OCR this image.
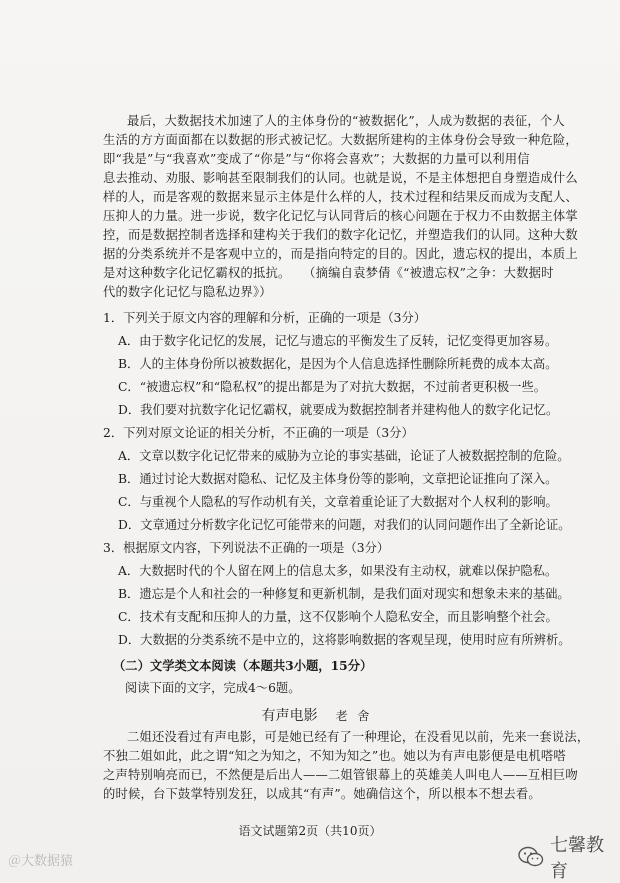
最后，大数据技术加速了人的主体身份的“被数据化”，人成为数据的表征，个人
生活的方方面面都在以数据的形式被记忆。大数据所建构的主体身份会导致一种危险，
即“我是”与“我喜欢”变成了“你是”与“你将会喜欢”；大数据的力量可以利用信
息去推动、劝服、影响甚至限制我们的认同。也就是说，不是主体想把自身塑造成什么
样的人，而是客观的数据来显示主体是什么样的人，技术过程和结果反而成为支配人、
压抑人的力量。进一步说，数字化记忆与认同背后的核心问题在于权力不由数据主体掌
控，而是数据控制者选择和建构关于我们的数字化记忆，并塑造我们的认同。这种大数
据的分类系统并不是客观中立的，而是指向特定的目的。因此，遗忘权的提出，本质上
是对这种数字化记忆霸权的抵抗。　　（摘编自袁梦倩《“被遗忘权”之争：大数据时
代的数字化记忆与隐私边界》）
1．下列关于原文内容的理解和分析，正确的一项是（3分）
A．由于数字化记忆的发展，记忆与遗忘的平衡发生了反转，记忆变得更加容易。
B．人的主体身份所以被数据化，是因为个人信息选择性删除所耗费的成本太高。
C．“被遗忘权”和“隐私权”的提出都是为了对抗大数据，不过前者更积极一些。
D．我们要对抗数字化记忆霸权，就要成为数据控制者并建构他人的数字化记忆。
2．下列对原文论证的相关分析，不正确的一项是（3分）
A．文章以数字化记忆带来的威胁为立论的事实基础，论证了人被数据控制的危险。
B．通过讨论大数据对隐私、记忆及主体身份等的影响，文章把论证推向了深入。
C．与重视个人隐私的写作动机有关，文章着重论证了大数据对个人权利的影响。
D．文章通过分析数字化记忆可能带来的问题，对我们的认同问题作出了全新论证。
3．根据原文内容，下列说法不正确的一项是（3分）
A．大数据时代的个人留在网上的信息太多，如果没有主动权，就难以保护隐私。
B．遗忘是个人和社会的一种修复和更新机制，是我们面对现实和想象未来的基础。
C．技术有支配和压抑人的力量，这不仅影响个人隐私安全，而且影响整个社会。
D．大数据的分类系统不是中立的，这将影响数据的客观呈现，使用时应有所辨析。
（二）文学类文本阅读（本题共3小题，15分）
阅读下面的文字，完成4～6题。
有声电影 老 舍
二姐还没看过有声电影，可是她已经有了一种理论，在没看见以前，先来一套说法，
不独二姐如此，此之谓“知之为知之，不知为知之”也。她以为有声电影便是电机嗒嗒
之声特别响亮而已，不然便是后出人——二姐管银幕上的英雄美人叫电人——互相巨吻
的时候，台下鼓掌特别发狂，以成其“有声”。她确信这个，所以根本不想去看。
语文试题第2页（共10页）
＠大数据猿
七馨教育
